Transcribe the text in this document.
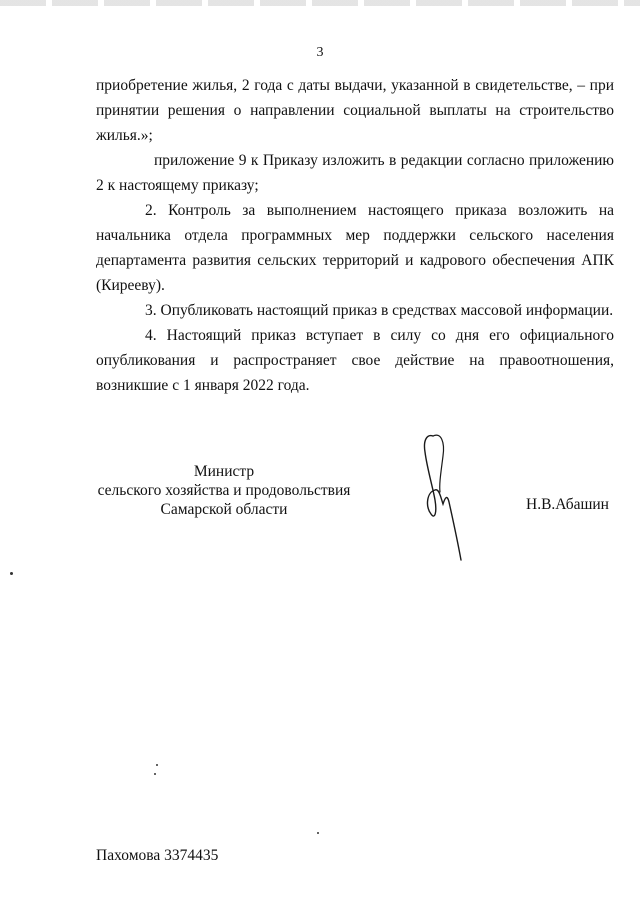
3

приобретение жилья, 2 года с даты выдачи, указанной в свидетельстве, – при принятии решения о направлении социальной выплаты на строительство жилья.»;

приложение 9 к Приказу изложить в редакции согласно приложению 2 к настоящему приказу;

2. Контроль за выполнением настоящего приказа возложить на начальника отдела программных мер поддержки сельского населения департамента развития сельских территорий и кадрового обеспечения АПК (Кирееву).

3. Опубликовать настоящий приказ в средствах массовой информации.

4. Настоящий приказ вступает в силу со дня его официального опубликования и распространяет свое действие на правоотношения, возникшие с 1 января 2022 года.

Министр
сельского хозяйства и продовольствия
Самарской области	Н.В.Абашин
Пахомова 3374435
